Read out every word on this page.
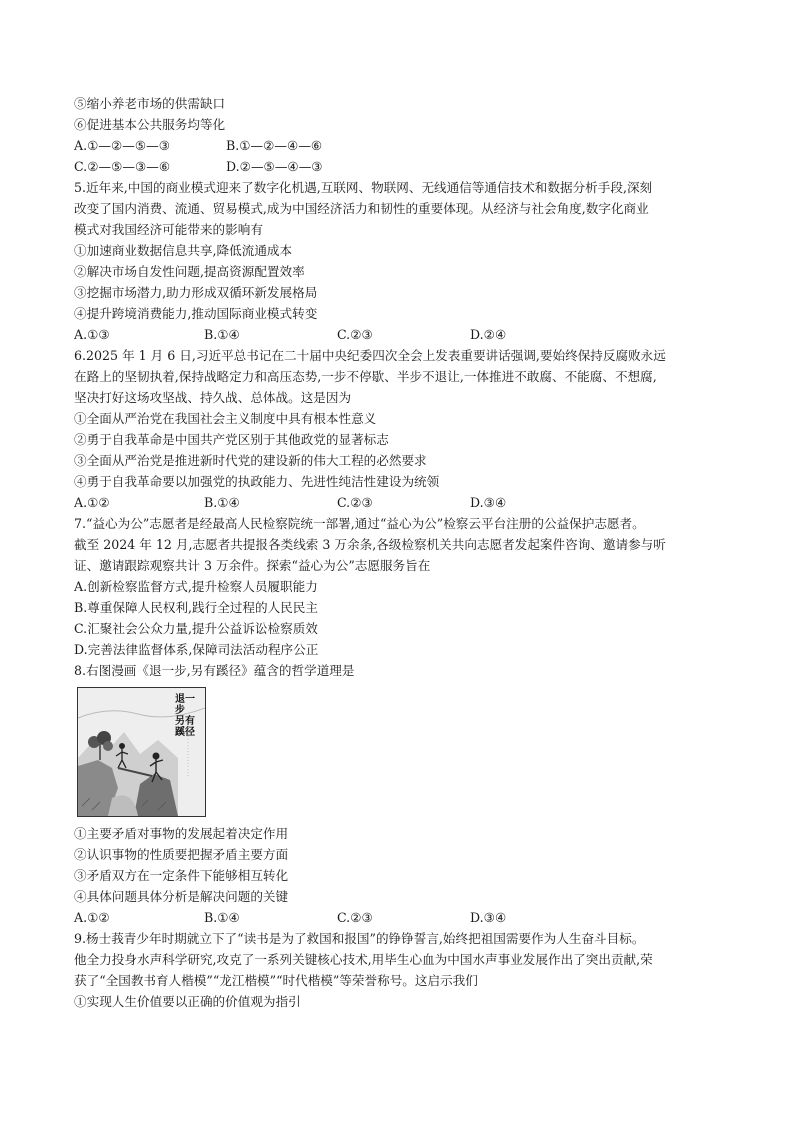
⑤缩小养老市场的供需缺口
⑥促进基本公共服务均等化
A.①—②—⑤—③	B.①—②—④—⑥
C.②—⑤—③—⑥	D.②—⑤—④—③
5.近年来,中国的商业模式迎来了数字化机遇,互联网、物联网、无线通信等通信技术和数据分析手段,深刻
改变了国内消费、流通、贸易模式,成为中国经济活力和韧性的重要体现。从经济与社会角度,数字化商业
模式对我国经济可能带来的影响有
①加速商业数据信息共享,降低流通成本
②解决市场自发性问题,提高资源配置效率
③挖掘市场潜力,助力形成双循环新发展格局
④提升跨境消费能力,推动国际商业模式转变
A.①③	B.①④	C.②③	D.②④
6.2025 年 1 月 6 日,习近平总书记在二十届中央纪委四次全会上发表重要讲话强调,要始终保持反腐败永远
在路上的坚韧执着,保持战略定力和高压态势,一步不停歇、半步不退让,一体推进不敢腐、不能腐、不想腐,
坚决打好这场攻坚战、持久战、总体战。这是因为
①全面从严治党在我国社会主义制度中具有根本性意义
②勇于自我革命是中国共产党区别于其他政党的显著标志
③全面从严治党是推进新时代党的建设新的伟大工程的必然要求
④勇于自我革命要以加强党的执政能力、先进性纯洁性建设为统领
A.①②	B.①④	C.②③	D.③④
7.“益心为公”志愿者是经最高人民检察院统一部署,通过“益心为公”检察云平台注册的公益保护志愿者。
截至 2024 年 12 月,志愿者共提报各类线索 3 万余条,各级检察机关共向志愿者发起案件咨询、邀请参与听
证、邀请跟踪观察共计 3 万余件。探索“益心为公”志愿服务旨在
A.创新检察监督方式,提升检察人员履职能力
B.尊重保障人民权利,践行全过程的人民民主
C.汇聚社会公众力量,提升公益诉讼检察质效
D.完善法律监督体系,保障司法活动程序公正
8.右图漫画《退一步,另有蹊径》蕴含的哲学道理是
退一步 另有蹊径
①主要矛盾对事物的发展起着决定作用
②认识事物的性质要把握矛盾主要方面
③矛盾双方在一定条件下能够相互转化
④具体问题具体分析是解决问题的关键
A.①②	B.①④	C.②③	D.③④
9.杨士莪青少年时期就立下了“读书是为了救国和报国”的铮铮誓言,始终把祖国需要作为人生奋斗目标。
他全力投身水声科学研究,攻克了一系列关键核心技术,用毕生心血为中国水声事业发展作出了突出贡献,荣
获了“全国教书育人楷模”“龙江楷模”“时代楷模”等荣誉称号。这启示我们
①实现人生价值要以正确的价值观为指引
